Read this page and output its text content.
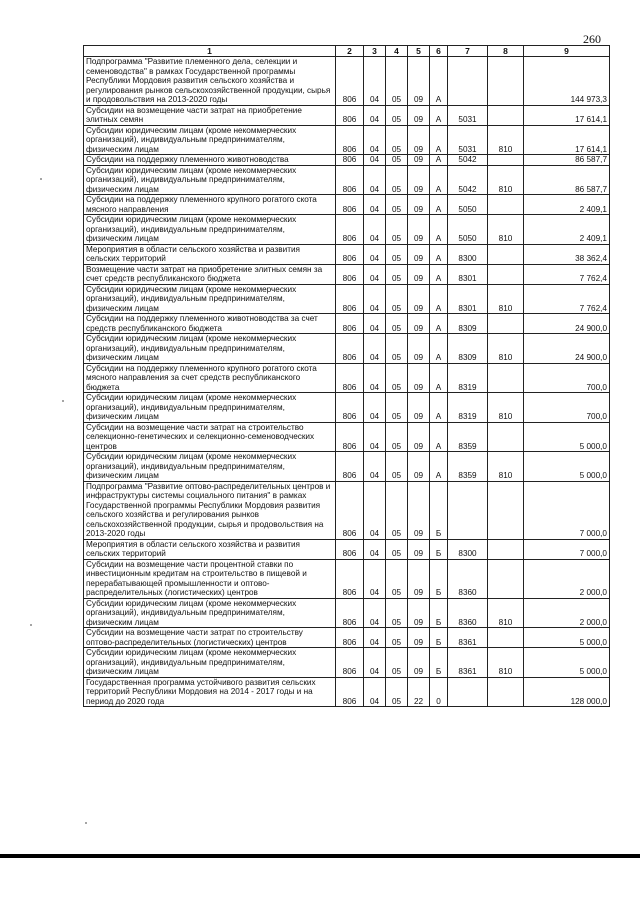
260
1	2	3	4	5	6	7	8	9
Подпрограмма "Развитие племенного дела, селекции и семеноводства" в рамках Государственной программы Республики Мордовия развития сельского хозяйства и регулирования рынков сельскохозяйственной продукции, сырья и продовольствия на 2013-2020 годы	806	04	05	09	А			144 973,3
Субсидии на возмещение части затрат на приобретение элитных семян	806	04	05	09	А	5031		17 614,1
Субсидии юридическим лицам (кроме некоммерческих организаций), индивидуальным предпринимателям, физическим лицам	806	04	05	09	А	5031	810	17 614,1
Субсидии на поддержку племенного животноводства	806	04	05	09	А	5042		86 587,7
Субсидии юридическим лицам (кроме некоммерческих организаций), индивидуальным предпринимателям, физическим лицам	806	04	05	09	А	5042	810	86 587,7
Субсидии на поддержку племенного крупного рогатого скота мясного направления	806	04	05	09	А	5050		2 409,1
Субсидии юридическим лицам (кроме некоммерческих организаций), индивидуальным предпринимателям, физическим лицам	806	04	05	09	А	5050	810	2 409,1
Мероприятия в области сельского хозяйства и развития сельских территорий	806	04	05	09	А	8300		38 362,4
Возмещение части затрат на приобретение элитных семян за счет средств республиканского бюджета	806	04	05	09	А	8301		7 762,4
Субсидии юридическим лицам (кроме некоммерческих организаций), индивидуальным предпринимателям, физическим лицам	806	04	05	09	А	8301	810	7 762,4
Субсидии на поддержку племенного животноводства за счет средств республиканского бюджета	806	04	05	09	А	8309		24 900,0
Субсидии юридическим лицам (кроме некоммерческих организаций), индивидуальным предпринимателям, физическим лицам	806	04	05	09	А	8309	810	24 900,0
Субсидии на поддержку племенного крупного рогатого скота мясного направления за счет средств республиканского бюджета	806	04	05	09	А	8319		700,0
Субсидии юридическим лицам (кроме некоммерческих организаций), индивидуальным предпринимателям, физическим лицам	806	04	05	09	А	8319	810	700,0
Субсидии на возмещение части затрат на строительство селекционно-генетических и селекционно-семеноводческих центров	806	04	05	09	А	8359		5 000,0
Субсидии юридическим лицам (кроме некоммерческих организаций), индивидуальным предпринимателям, физическим лицам	806	04	05	09	А	8359	810	5 000,0
Подпрограмма "Развитие оптово-распределительных центров и инфраструктуры системы социального питания" в рамках Государственной программы Республики Мордовия развития сельского хозяйства и регулирования рынков сельскохозяйственной продукции, сырья и продовольствия на 2013-2020 годы	806	04	05	09	Б			7 000,0
Мероприятия в области сельского хозяйства и развития сельских территорий	806	04	05	09	Б	8300		7 000,0
Субсидии на возмещение части процентной ставки по инвестиционным кредитам на строительство в пищевой и перерабатывающей промышленности и оптово-распределительных (логистических) центров	806	04	05	09	Б	8360		2 000,0
Субсидии юридическим лицам (кроме некоммерческих организаций), индивидуальным предпринимателям, физическим лицам	806	04	05	09	Б	8360	810	2 000,0
Субсидии на возмещение части затрат по строительству оптово-распределительных (логистических) центров	806	04	05	09	Б	8361		5 000,0
Субсидии юридическим лицам (кроме некоммерческих организаций), индивидуальным предпринимателям, физическим лицам	806	04	05	09	Б	8361	810	5 000,0
Государственная программа устойчивого развития сельских территорий Республики Мордовия на 2014 - 2017 годы и на период до 2020 года	806	04	05	22	0			128 000,0
